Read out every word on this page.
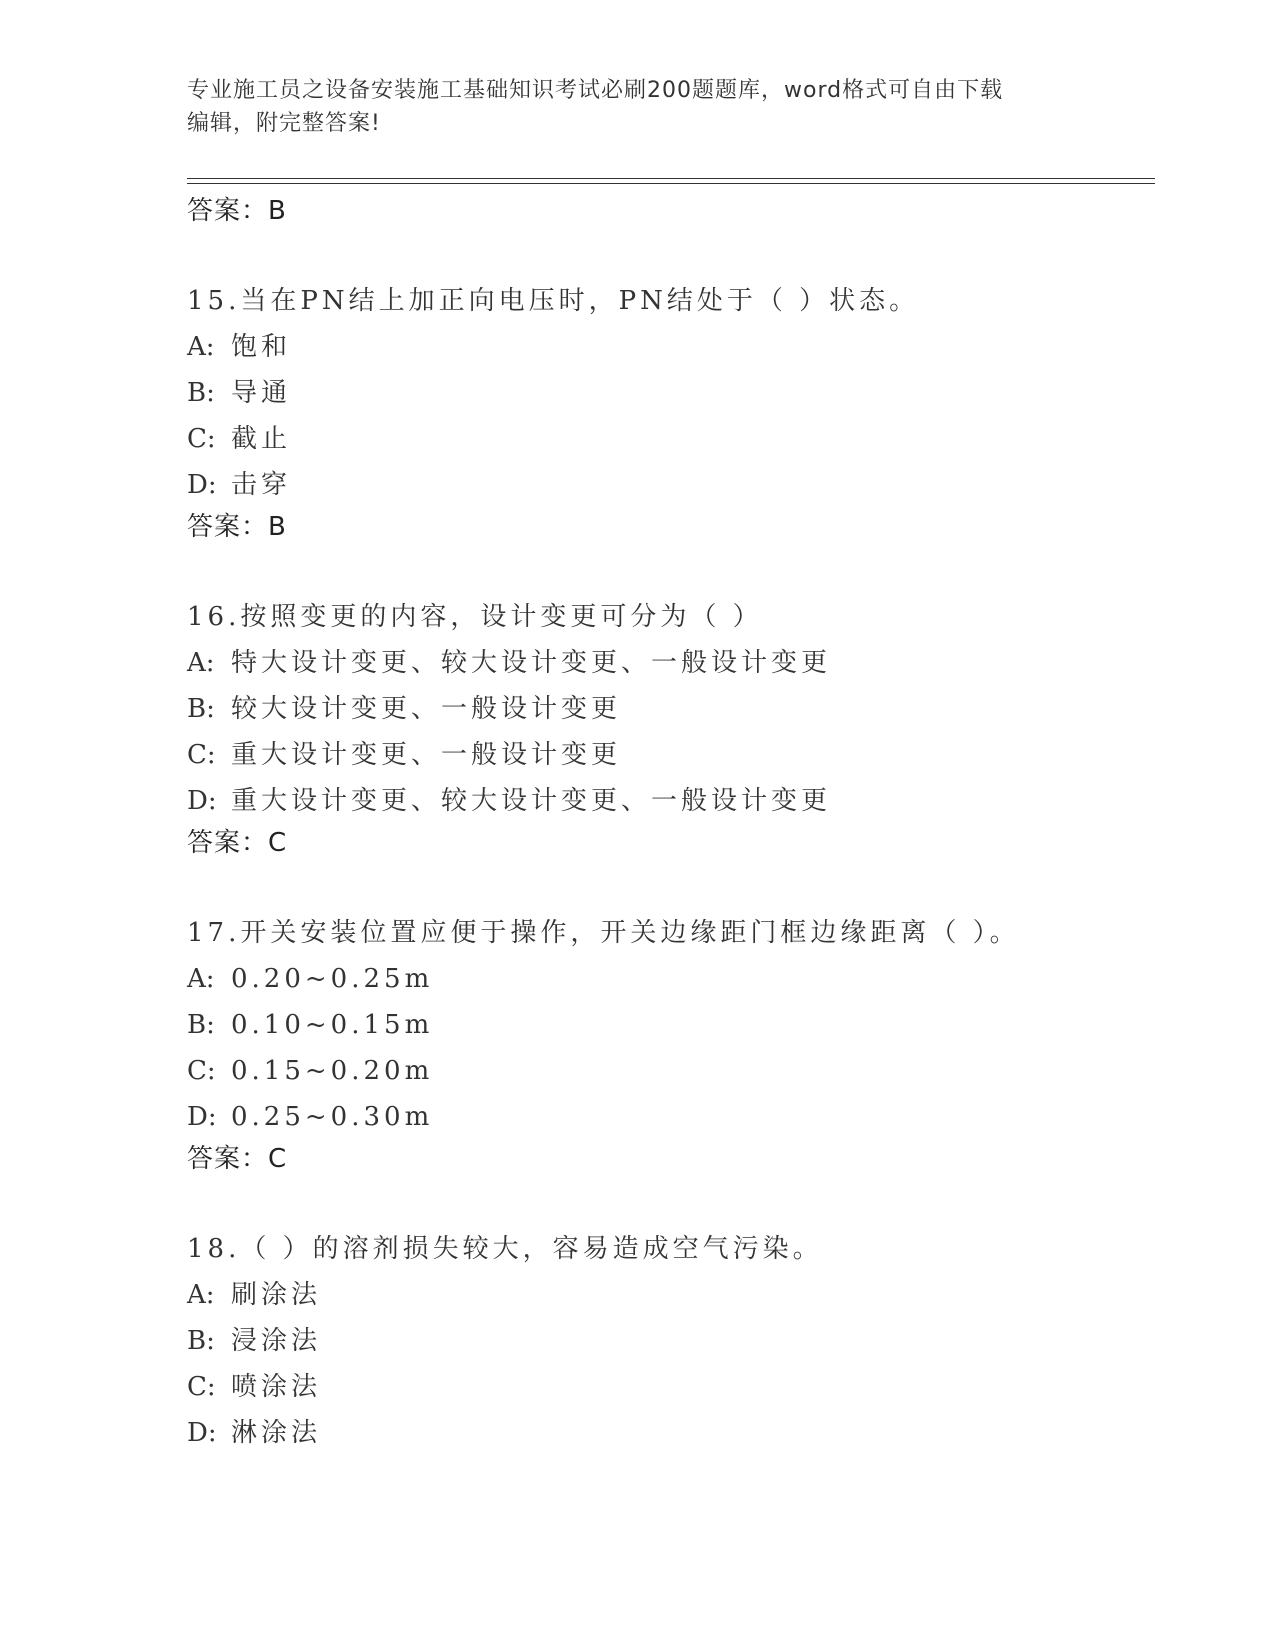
专业施工员之设备安装施工基础知识考试必刷200题题库，word格式可自由下载
编辑，附完整答案!
答案：B
15.当在PN结上加正向电压时，PN结处于（ ）状态。
A: 饱和
B: 导通
C: 截止
D: 击穿
答案：B
16.按照变更的内容，设计变更可分为（ ）
A: 特大设计变更、较大设计变更、一般设计变更
B: 较大设计变更、一般设计变更
C: 重大设计变更、一般设计变更
D: 重大设计变更、较大设计变更、一般设计变更
答案：C
17.开关安装位置应便于操作，开关边缘距门框边缘距离（ ）。
A: 0.20~0.25m
B: 0.10~0.15m
C: 0.15~0.20m
D: 0.25~0.30m
答案：C
18.（ ）的溶剂损失较大，容易造成空气污染。
A: 刷涂法
B: 浸涂法
C: 喷涂法
D: 淋涂法
